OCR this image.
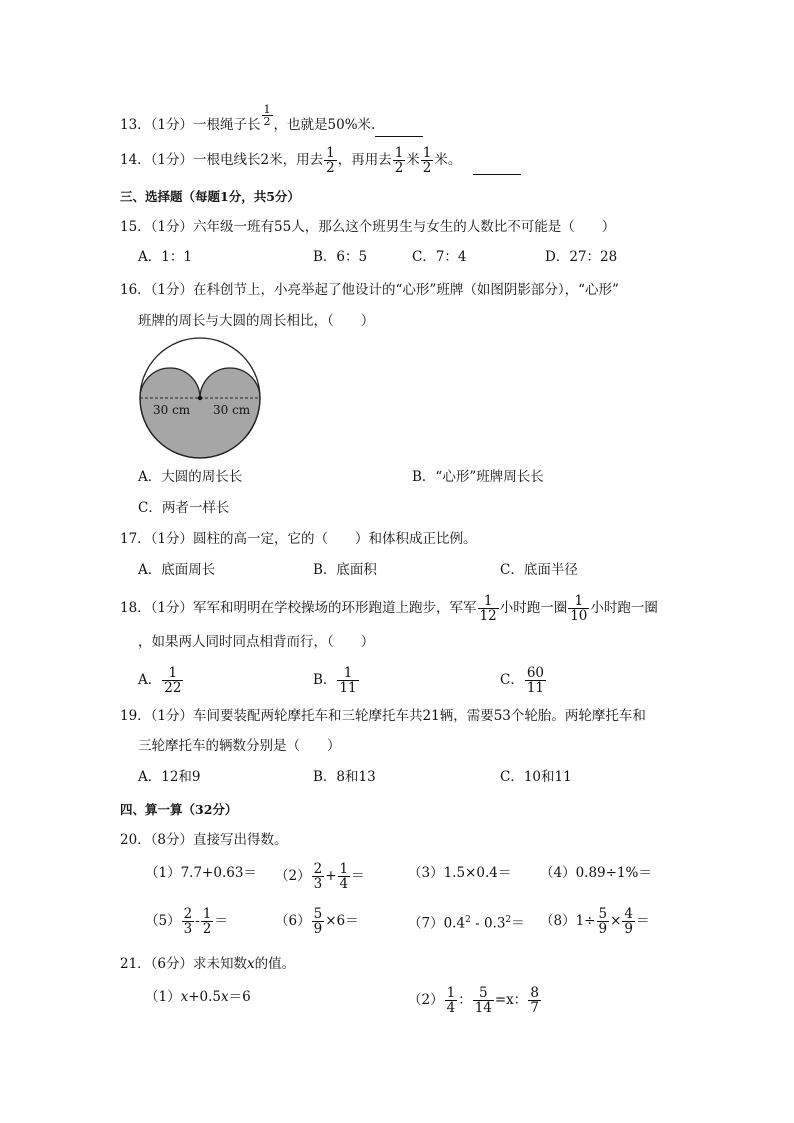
13．（1分）一根绳子长 $\frac{1}{2}$ ，也就是50%米.
14．（1分）一根电线长2米，用去 $\frac{1}{2}$ ，再用去 $\frac{1}{2}$ 米 $\frac{1}{2}$ 米。
三、选择题（每题1分，共5分）
15．（1分）六年级一班有55人，那么这个班男生与女生的人数比不可能是（　　）
A．1：1	B．6：5	C．7：4	D．27：28
16．（1分）在科创节上，小亮举起了他设计的“心形”班牌（如图阴影部分），“心形”
班牌的周长与大圆的周长相比，（　　）
30 cm 30 cm
A．大圆的周长长	B．“心形”班牌周长长
C．两者一样长
17．（1分）圆柱的高一定，它的（　　）和体积成正比例。
A．底面周长	B．底面积	C．底面半径
18．（1分）军军和明明在学校操场的环形跑道上跑步，军军 $\frac{1}{12}$ 小时跑一圈 $\frac{1}{10}$ 小时跑一圈
，如果两人同时同点相背而行，（　　）
A． $\frac{1}{22}$	B． $\frac{1}{11}$	C． $\frac{60}{11}$
19．（1分）车间要装配两轮摩托车和三轮摩托车共21辆，需要53个轮胎。两轮摩托车和
三轮摩托车的辆数分别是（　　）
A．12和9	B．8和13	C．10和11
四、算一算（32分）
20．（8分）直接写出得数。
$(1)7.7+0.63= (2) \frac{2}{3} + \frac{1}{4}$ ＝	（3）1.5×0.4＝ （4）0.89÷1%＝
$(5) \frac{2}{3} - \frac{1}{2}$ ＝	$(6) \frac{5}{9} \times 6=$	$(7)0.4^2 - 0.3^2= (8)1\div \frac{5}{9} \times \frac{4}{9}$ ＝
21．（6分）求未知数x的值。
（1）x+0.5x＝6	$(2) \frac{1}{4}$ ： $\frac{5}{14} =x$： $\frac{8}{7}$
